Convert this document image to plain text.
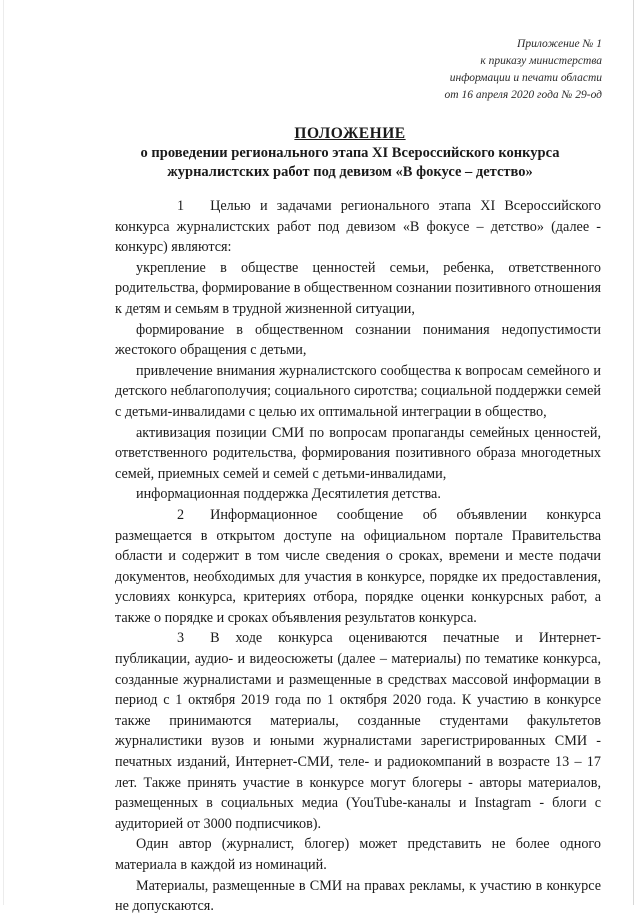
Приложение № 1
к приказу министерства
информации и печати области
от 16 апреля 2020 года № 29-од
ПОЛОЖЕНИЕ
о проведении регионального этапа XI Всероссийского конкурса
журналистских работ под девизом «В фокусе – детство»

1 Целью и задачами регионального этапа XI Всероссийского конкурса журналистских работ под девизом «В фокусе – детство» (далее - конкурс) являются:

укрепление в обществе ценностей семьи, ребенка, ответственного родительства, формирование в общественном сознании позитивного отношения к детям и семьям в трудной жизненной ситуации,

формирование в общественном сознании понимания недопустимости жестокого обращения с детьми,

привлечение внимания журналистского сообщества к вопросам семейного и детского неблагополучия; социального сиротства; социальной поддержки семей с детьми-инвалидами с целью их оптимальной интеграции в общество,

активизация позиции СМИ по вопросам пропаганды семейных ценностей, ответственного родительства, формирования позитивного образа многодетных семей, приемных семей и семей с детьми-инвалидами,

информационная поддержка Десятилетия детства.

2 Информационное сообщение об объявлении конкурса размещается в открытом доступе на официальном портале Правительства области и содержит в том числе сведения о сроках, времени и месте подачи документов, необходимых для участия в конкурсе, порядке их предоставления, условиях конкурса, критериях отбора, порядке оценки конкурсных работ, а также о порядке и сроках объявления результатов конкурса.

3 В ходе конкурса оцениваются печатные и Интернет-публикации, аудио- и видеосюжеты (далее – материалы) по тематике конкурса, созданные журналистами и размещенные в средствах массовой информации в период с 1 октября 2019 года по 1 октября 2020 года. К участию в конкурсе также принимаются материалы, созданные студентами факультетов журналистики вузов и юными журналистами зарегистрированных СМИ - печатных изданий, Интернет-СМИ, теле- и радиокомпаний в возрасте 13 – 17 лет. Также принять участие в конкурсе могут блогеры - авторы материалов, размещенных в социальных медиа (YouTube-каналы и Instagram - блоги с аудиторией от 3000 подписчиков).

Один автор (журналист, блогер) может представить не более одного материала в каждой из номинаций.

Материалы, размещенные в СМИ на правах рекламы, к участию в конкурсе не допускаются.
